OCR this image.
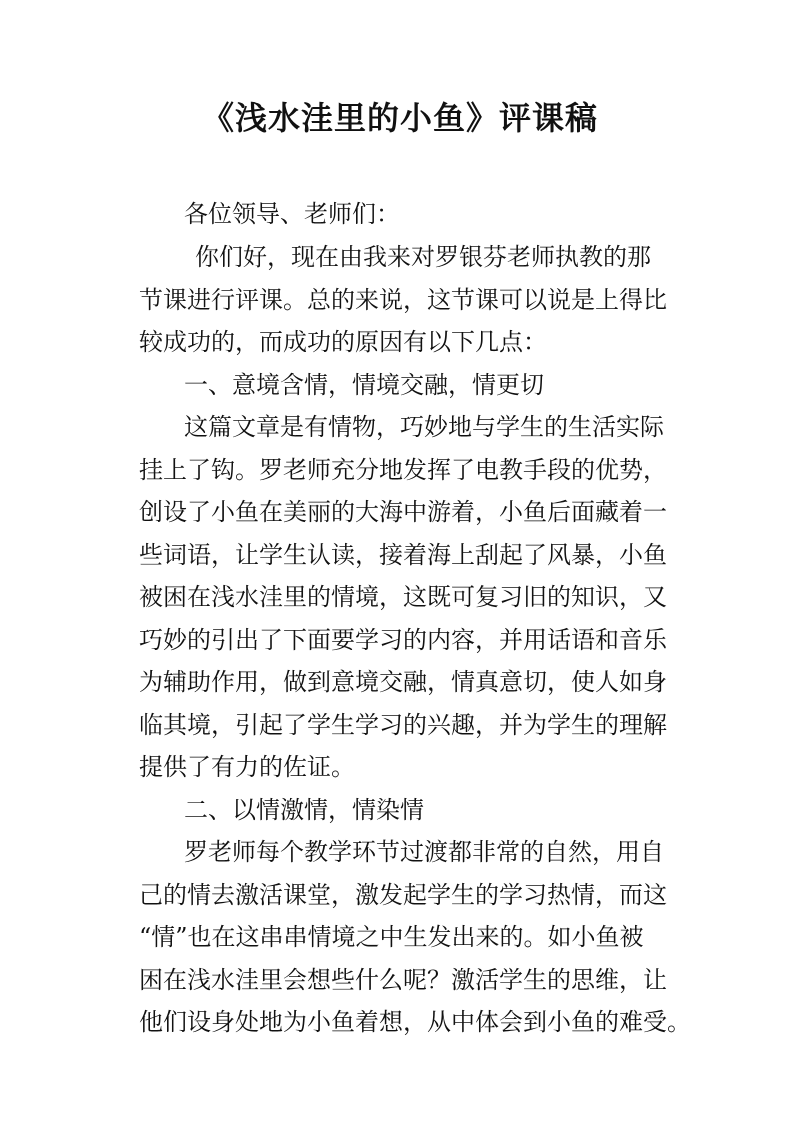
《浅水洼里的小鱼》评课稿
各位领导、老师们：
你们好，现在由我来对罗银芬老师执教的那
节课进行评课。总的来说，这节课可以说是上得比
较成功的，而成功的原因有以下几点：
一、意境含情，情境交融，情更切
这篇文章是有情物，巧妙地与学生的生活实际
挂上了钩。罗老师充分地发挥了电教手段的优势，
创设了小鱼在美丽的大海中游着，小鱼后面藏着一
些词语，让学生认读，接着海上刮起了风暴，小鱼
被困在浅水洼里的情境，这既可复习旧的知识，又
巧妙的引出了下面要学习的内容，并用话语和音乐
为辅助作用，做到意境交融，情真意切，使人如身
临其境，引起了学生学习的兴趣，并为学生的理解
提供了有力的佐证。
二、以情激情，情染情
罗老师每个教学环节过渡都非常的自然，用自
己的情去激活课堂，激发起学生的学习热情，而这
“情”也在这串串情境之中生发出来的。如小鱼被
困在浅水洼里会想些什么呢？激活学生的思维，让
他们设身处地为小鱼着想，从中体会到小鱼的难受。
